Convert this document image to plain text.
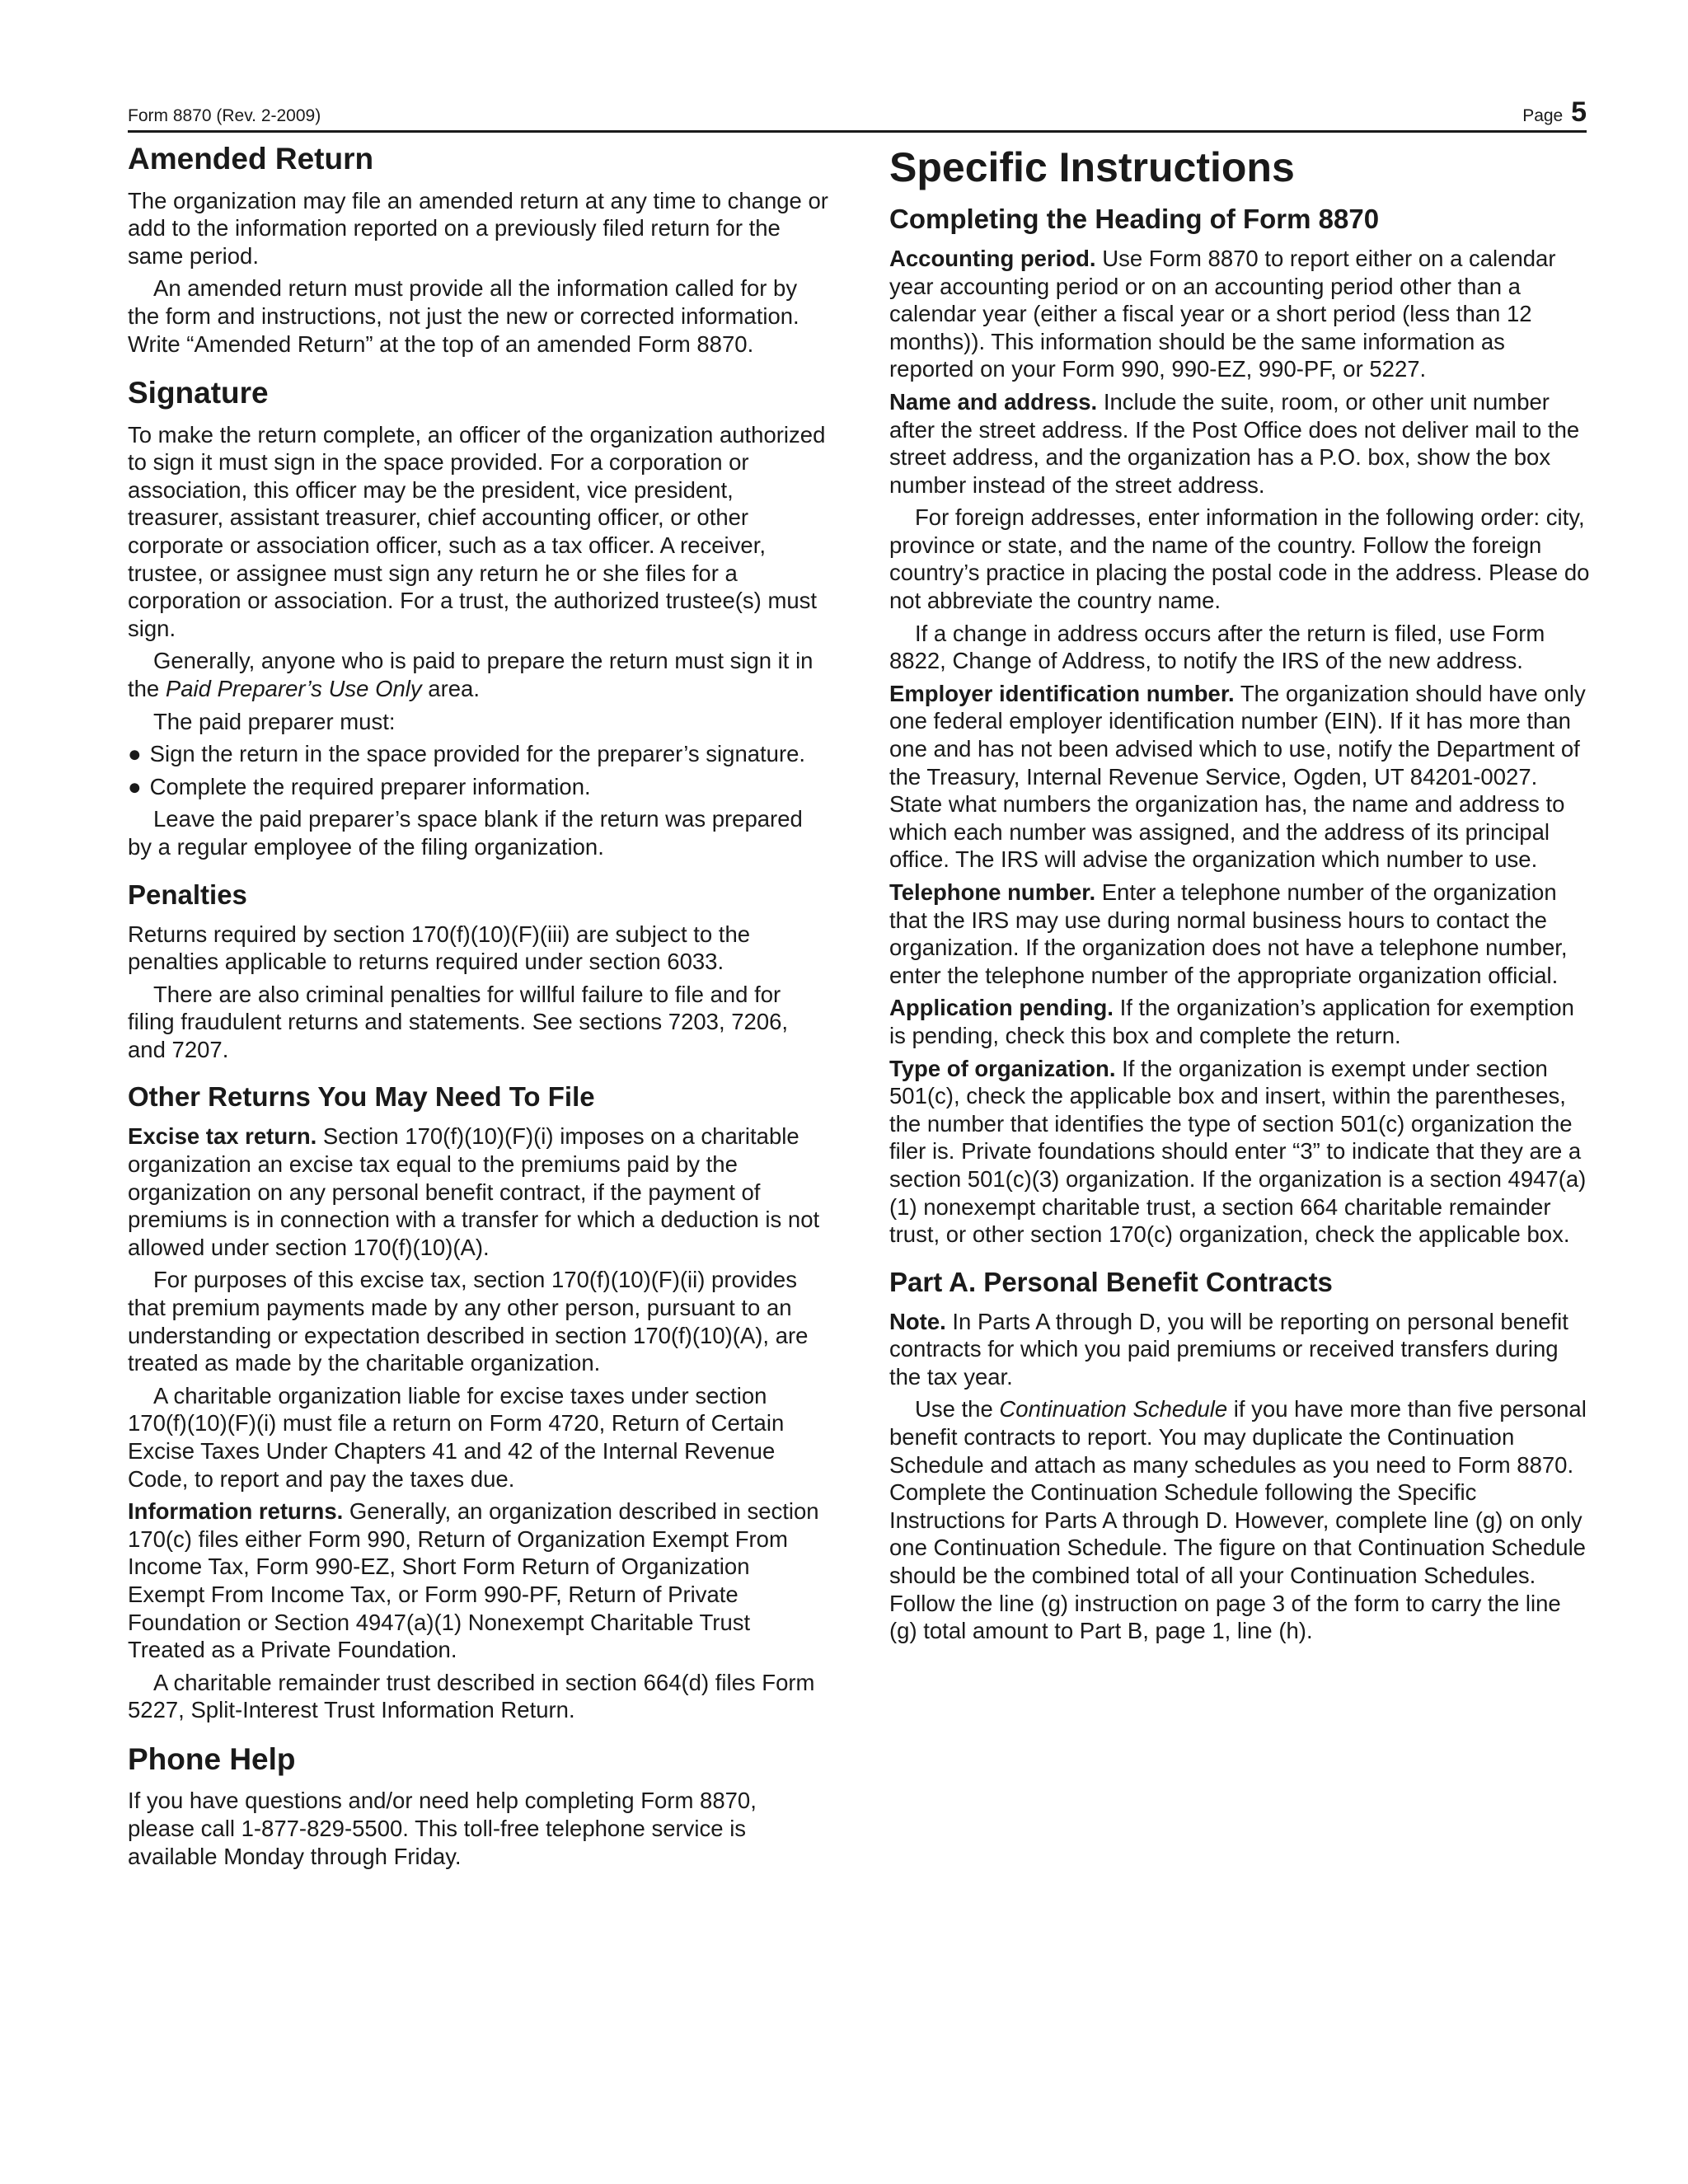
Form 8870 (Rev. 2-2009)	Page 5
Amended Return

The organization may file an amended return at any time to change or add to the information reported on a previously filed return for the same period.

An amended return must provide all the information called for by the form and instructions, not just the new or corrected information. Write “Amended Return” at the top of an amended Form 8870.

Signature

To make the return complete, an officer of the organization authorized to sign it must sign in the space provided. For a corporation or association, this officer may be the president, vice president, treasurer, assistant treasurer, chief accounting officer, or other corporate or association officer, such as a tax officer. A receiver, trustee, or assignee must sign any return he or she files for a corporation or association. For a trust, the authorized trustee(s) must sign.

Generally, anyone who is paid to prepare the return must sign it in the Paid Preparer’s Use Only area.

The paid preparer must:

● Sign the return in the space provided for the preparer’s signature.

● Complete the required preparer information.

Leave the paid preparer’s space blank if the return was prepared by a regular employee of the filing organization.

Penalties

Returns required by section 170(f)(10)(F)(iii) are subject to the penalties applicable to returns required under section 6033.

There are also criminal penalties for willful failure to file and for filing fraudulent returns and statements. See sections 7203, 7206, and 7207.

Other Returns You May Need To File

Excise tax return. Section 170(f)(10)(F)(i) imposes on a charitable organization an excise tax equal to the premiums paid by the organization on any personal benefit contract, if the payment of premiums is in connection with a transfer for which a deduction is not allowed under section 170(f)(10)(A).

For purposes of this excise tax, section 170(f)(10)(F)(ii) provides that premium payments made by any other person, pursuant to an understanding or expectation described in section 170(f)(10)(A), are treated as made by the charitable organization.

A charitable organization liable for excise taxes under section 170(f)(10)(F)(i) must file a return on Form 4720, Return of Certain Excise Taxes Under Chapters 41 and 42 of the Internal Revenue Code, to report and pay the taxes due.

Information returns. Generally, an organization described in section 170(c) files either Form 990, Return of Organization Exempt From Income Tax, Form 990-EZ, Short Form Return of Organization Exempt From Income Tax, or Form 990-PF, Return of Private Foundation or Section 4947(a)(1) Nonexempt Charitable Trust Treated as a Private Foundation.

A charitable remainder trust described in section 664(d) files Form 5227, Split-Interest Trust Information Return.

Phone Help

If you have questions and/or need help completing Form 8870, please call 1-877-829-5500. This toll-free telephone service is available Monday through Friday.

Specific Instructions
Completing the Heading of Form 8870

Accounting period. Use Form 8870 to report either on a calendar year accounting period or on an accounting period other than a calendar year (either a fiscal year or a short period (less than 12 months)). This information should be the same information as reported on your Form 990, 990-EZ, 990-PF, or 5227.

Name and address. Include the suite, room, or other unit number after the street address. If the Post Office does not deliver mail to the street address, and the organization has a P.O. box, show the box number instead of the street address.

For foreign addresses, enter information in the following order: city, province or state, and the name of the country. Follow the foreign country’s practice in placing the postal code in the address. Please do not abbreviate the country name.

If a change in address occurs after the return is filed, use Form 8822, Change of Address, to notify the IRS of the new address.

Employer identification number. The organization should have only one federal employer identification number (EIN). If it has more than one and has not been advised which to use, notify the Department of the Treasury, Internal Revenue Service, Ogden, UT 84201-0027. State what numbers the organization has, the name and address to which each number was assigned, and the address of its principal office. The IRS will advise the organization which number to use.

Telephone number. Enter a telephone number of the organization that the IRS may use during normal business hours to contact the organization. If the organization does not have a telephone number, enter the telephone number of the appropriate organization official.

Application pending. If the organization’s application for exemption is pending, check this box and complete the return.

Type of organization. If the organization is exempt under section 501(c), check the applicable box and insert, within the parentheses, the number that identifies the type of section 501(c) organization the filer is. Private foundations should enter “3” to indicate that they are a section 501(c)(3) organization. If the organization is a section 4947(a)(1) nonexempt charitable trust, a section 664 charitable remainder trust, or other section 170(c) organization, check the applicable box.

Part A. Personal Benefit Contracts

Note. In Parts A through D, you will be reporting on personal benefit contracts for which you paid premiums or received transfers during the tax year.

Use the Continuation Schedule if you have more than five personal benefit contracts to report. You may duplicate the Continuation Schedule and attach as many schedules as you need to Form 8870. Complete the Continuation Schedule following the Specific Instructions for Parts A through D. However, complete line (g) on only one Continuation Schedule. The figure on that Continuation Schedule should be the combined total of all your Continuation Schedules. Follow the line (g) instruction on page 3 of the form to carry the line (g) total amount to Part B, page 1, line (h).
